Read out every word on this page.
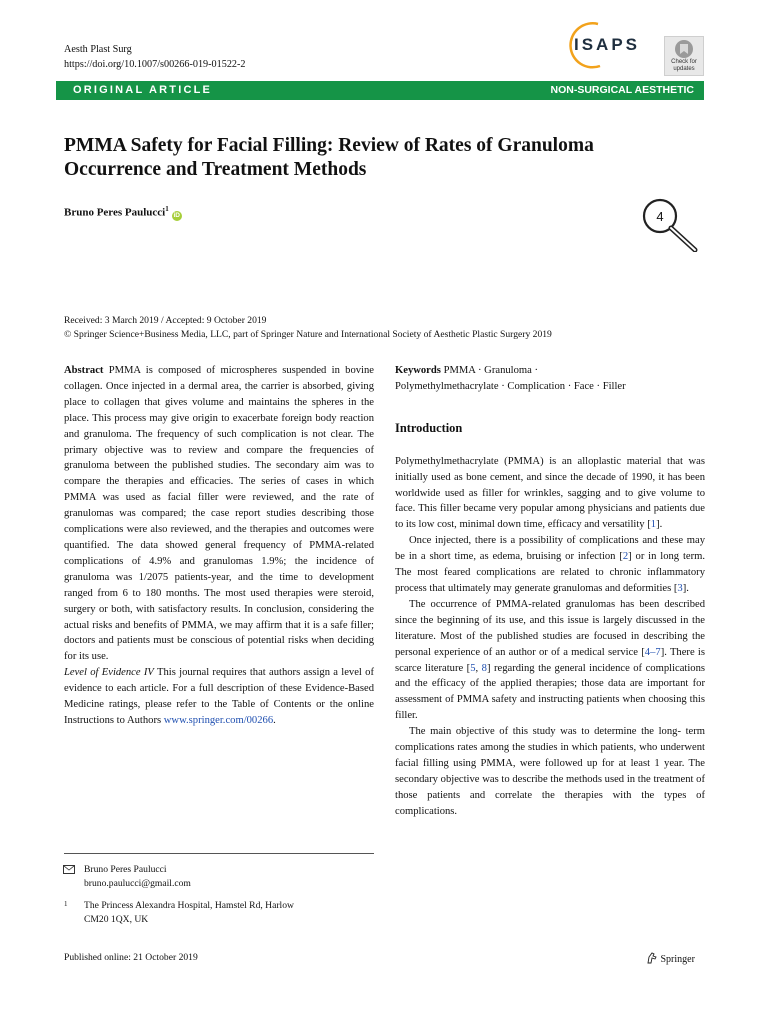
Aesth Plast Surg
https://doi.org/10.1007/s00266-019-01522-2
ISAPS
Check for
updates
ORIGINAL ARTICLE	NON-SURGICAL AESTHETIC
PMMA Safety for Facial Filling: Review of Rates of Granuloma Occurrence and Treatment Methods
Bruno Peres Paulucci$^1$iD	4
Received: 3 March 2019 / Accepted: 9 October 2019
© Springer Science+Business Media, LLC, part of Springer Nature and International Society of Aesthetic Plastic Surgery 2019

Abstract PMMA is composed of microspheres suspended in bovine collagen. Once injected in a dermal area, the carrier is absorbed, giving place to collagen that gives volume and maintains the spheres in the place. This process may give origin to exacerbate foreign body reaction and granuloma. The frequency of such complication is not clear. The primary objective was to review and compare the frequencies of granuloma between the published studies. The secondary aim was to compare the therapies and efficacies. The series of cases in which PMMA was used as facial filler were reviewed, and the rate of granulomas was compared; the case report studies describing those complications were also reviewed, and the therapies and outcomes were quantified. The data showed general frequency of PMMA-related complications of 4.9% and granulomas 1.9%; the incidence of granuloma was 1/2075 patients-year, and the time to development ranged from 6 to 180 months. The most used therapies were steroid, surgery or both, with satisfactory results. In conclusion, considering the actual risks and benefits of PMMA, we may affirm that it is a safe filler; doctors and patients must be conscious of potential risks when deciding for its use.

Level of Evidence IV This journal requires that authors assign a level of evidence to each article. For a full description of these Evidence-Based Medicine ratings, please refer to the Table of Contents or the online Instructions to Authors www.springer.com/00266.

Bruno Peres Paulucci
bruno.paulucci@gmail.com
1 The Princess Alexandra Hospital, Hamstel Rd, Harlow
CM20 1QX, UK
Published online: 21 October 2019	Springer

Keywords PMMA · Granuloma ·
Polymethylmethacrylate · Complication · Face · Filler

Introduction

Polymethylmethacrylate (PMMA) is an alloplastic material that was initially used as bone cement, and since the decade of 1990, it has been worldwide used as filler for wrinkles, sagging and to give volume to face. This filler became very popular among physicians and patients due to its low cost, minimal down time, efficacy and versatility [1].

Once injected, there is a possibility of complications and these may be in a short time, as edema, bruising or infection [2] or in long term. The most feared complications are related to chronic inflammatory process that ultimately may generate granulomas and deformities [3].

The occurrence of PMMA-related granulomas has been described since the beginning of its use, and this issue is largely discussed in the literature. Most of the published studies are focused in describing the personal experience of an author or of a medical service [4–7]. There is scarce literature [5, 8] regarding the general incidence of complications and the efficacy of the applied therapies; those data are important for assessment of PMMA safety and instructing patients when choosing this filler.

The main objective of this study was to determine the long- term complications rates among the studies in which patients, who underwent facial filling using PMMA, were followed up for at least 1 year. The secondary objective was to describe the methods used in the treatment of those patients and correlate the therapies with the types of complications.
